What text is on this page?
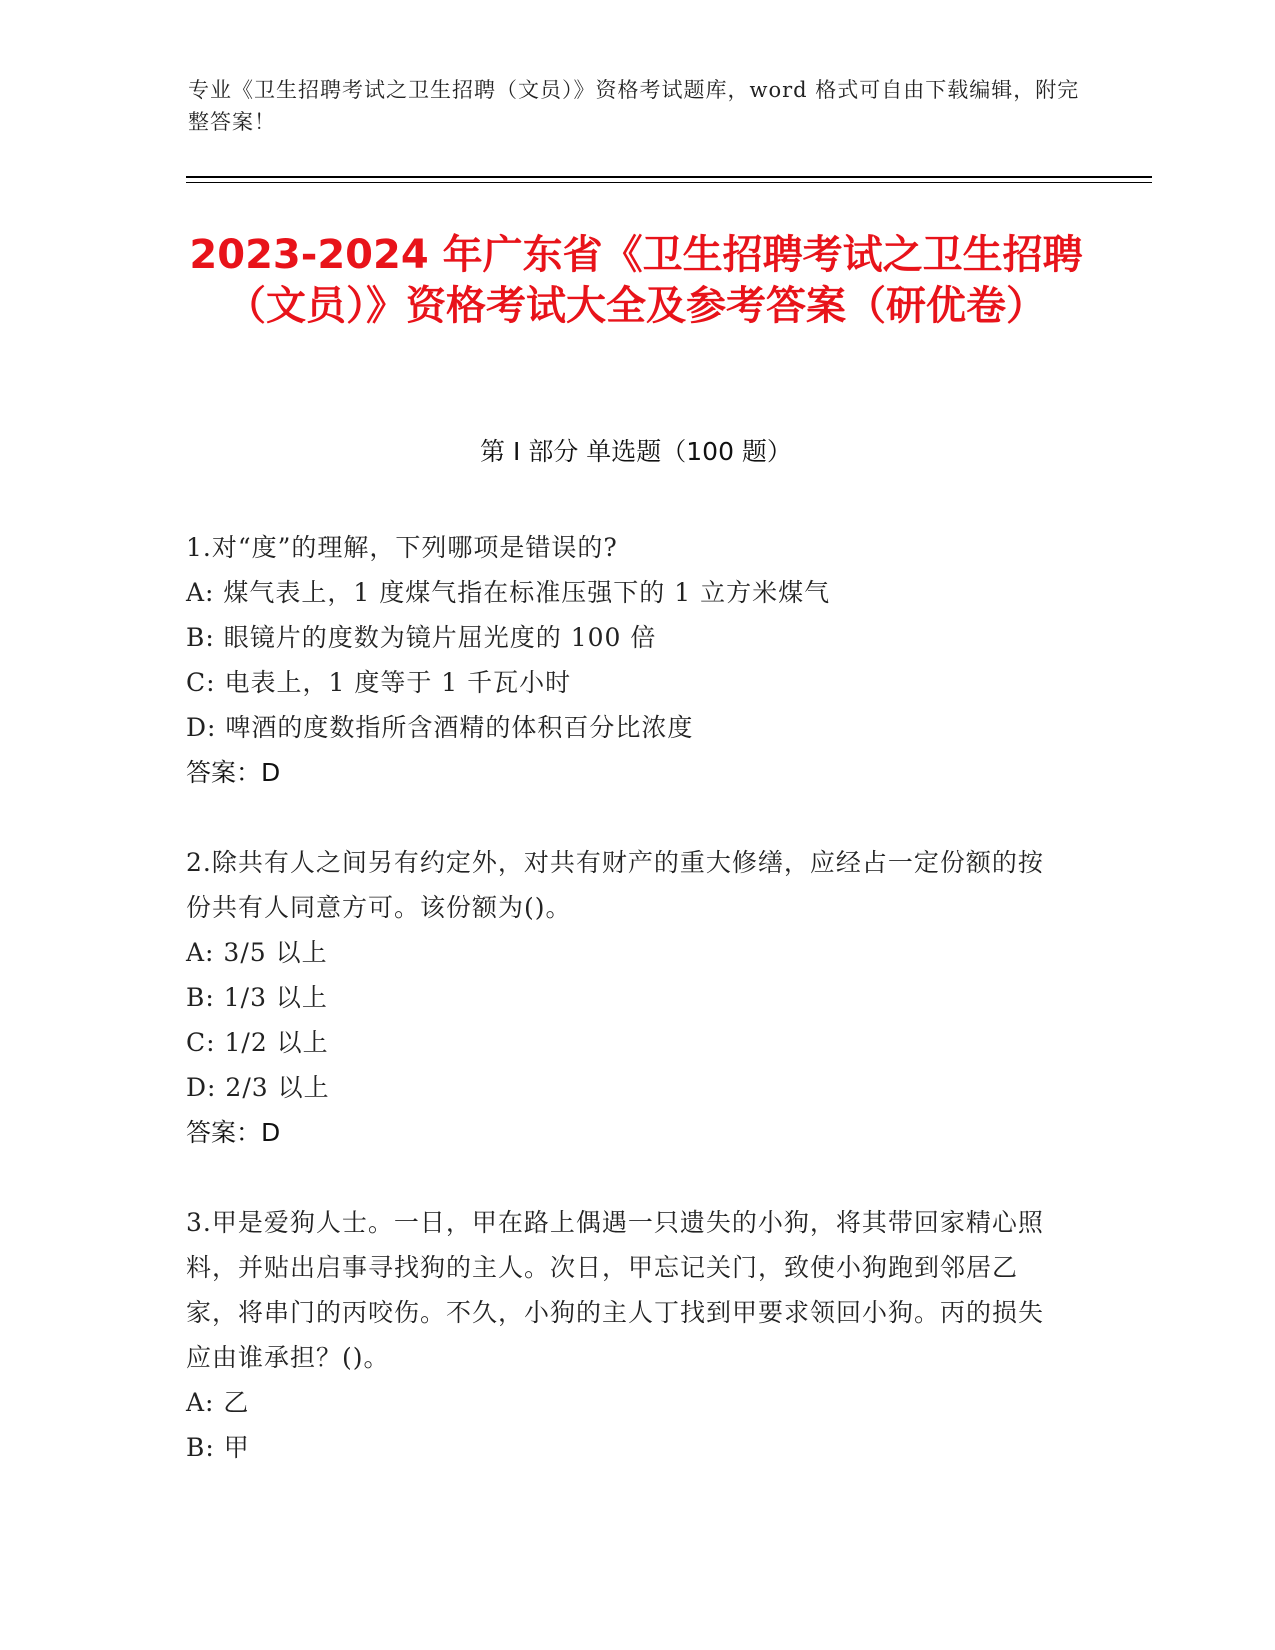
专业《卫生招聘考试之卫生招聘（文员）》资格考试题库，word 格式可自由下载编辑，附完整答案！
2023-2024 年广东省《卫生招聘考试之卫生招聘（文员）》资格考试大全及参考答案（研优卷）
第 I 部分 单选题（100 题）
1.对“度”的理解，下列哪项是错误的?
A: 煤气表上，1 度煤气指在标准压强下的 1 立方米煤气
B: 眼镜片的度数为镜片屈光度的 100 倍
C: 电表上，1 度等于 1 千瓦小时
D: 啤酒的度数指所含酒精的体积百分比浓度
答案：D
2.除共有人之间另有约定外，对共有财产的重大修缮，应经占一定份额的按份共有人同意方可。该份额为()。
A: 3/5 以上
B: 1/3 以上
C: 1/2 以上
D: 2/3 以上
答案：D
3.甲是爱狗人士。一日，甲在路上偶遇一只遗失的小狗，将其带回家精心照料，并贴出启事寻找狗的主人。次日，甲忘记关门，致使小狗跑到邻居乙家，将串门的丙咬伤。不久，小狗的主人丁找到甲要求领回小狗。丙的损失应由谁承担？()。
A: 乙
B: 甲
